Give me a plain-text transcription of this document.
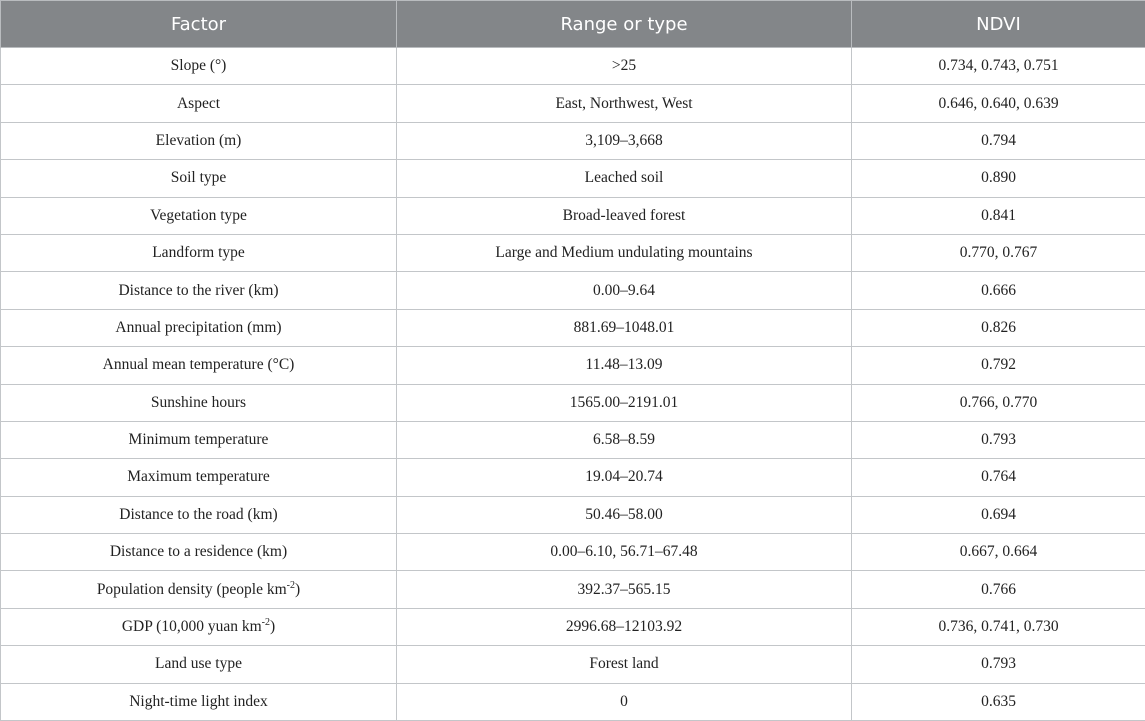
Factor	Range or type	NDVI
Slope (°)	>25	0.734, 0.743, 0.751
Aspect	East, Northwest, West	0.646, 0.640, 0.639
Elevation (m)	3,109–3,668	0.794
Soil type	Leached soil	0.890
Vegetation type	Broad-leaved forest	0.841
Landform type	Large and Medium undulating mountains	0.770, 0.767
Distance to the river (km)	0.00–9.64	0.666
Annual precipitation (mm)	881.69–1048.01	0.826
Annual mean temperature (°C)	11.48–13.09	0.792
Sunshine hours	1565.00–2191.01	0.766, 0.770
Minimum temperature	6.58–8.59	0.793
Maximum temperature	19.04–20.74	0.764
Distance to the road (km)	50.46–58.00	0.694
Distance to a residence (km)	0.00–6.10, 56.71–67.48	0.667, 0.664
Population density (people $km^{-2}$)	392.37–565.15	0.766
GDP (10,000 yuan $km^{-2}$)	2996.68–12103.92	0.736, 0.741, 0.730
Land use type	Forest land	0.793
Night-time light index	0	0.635
